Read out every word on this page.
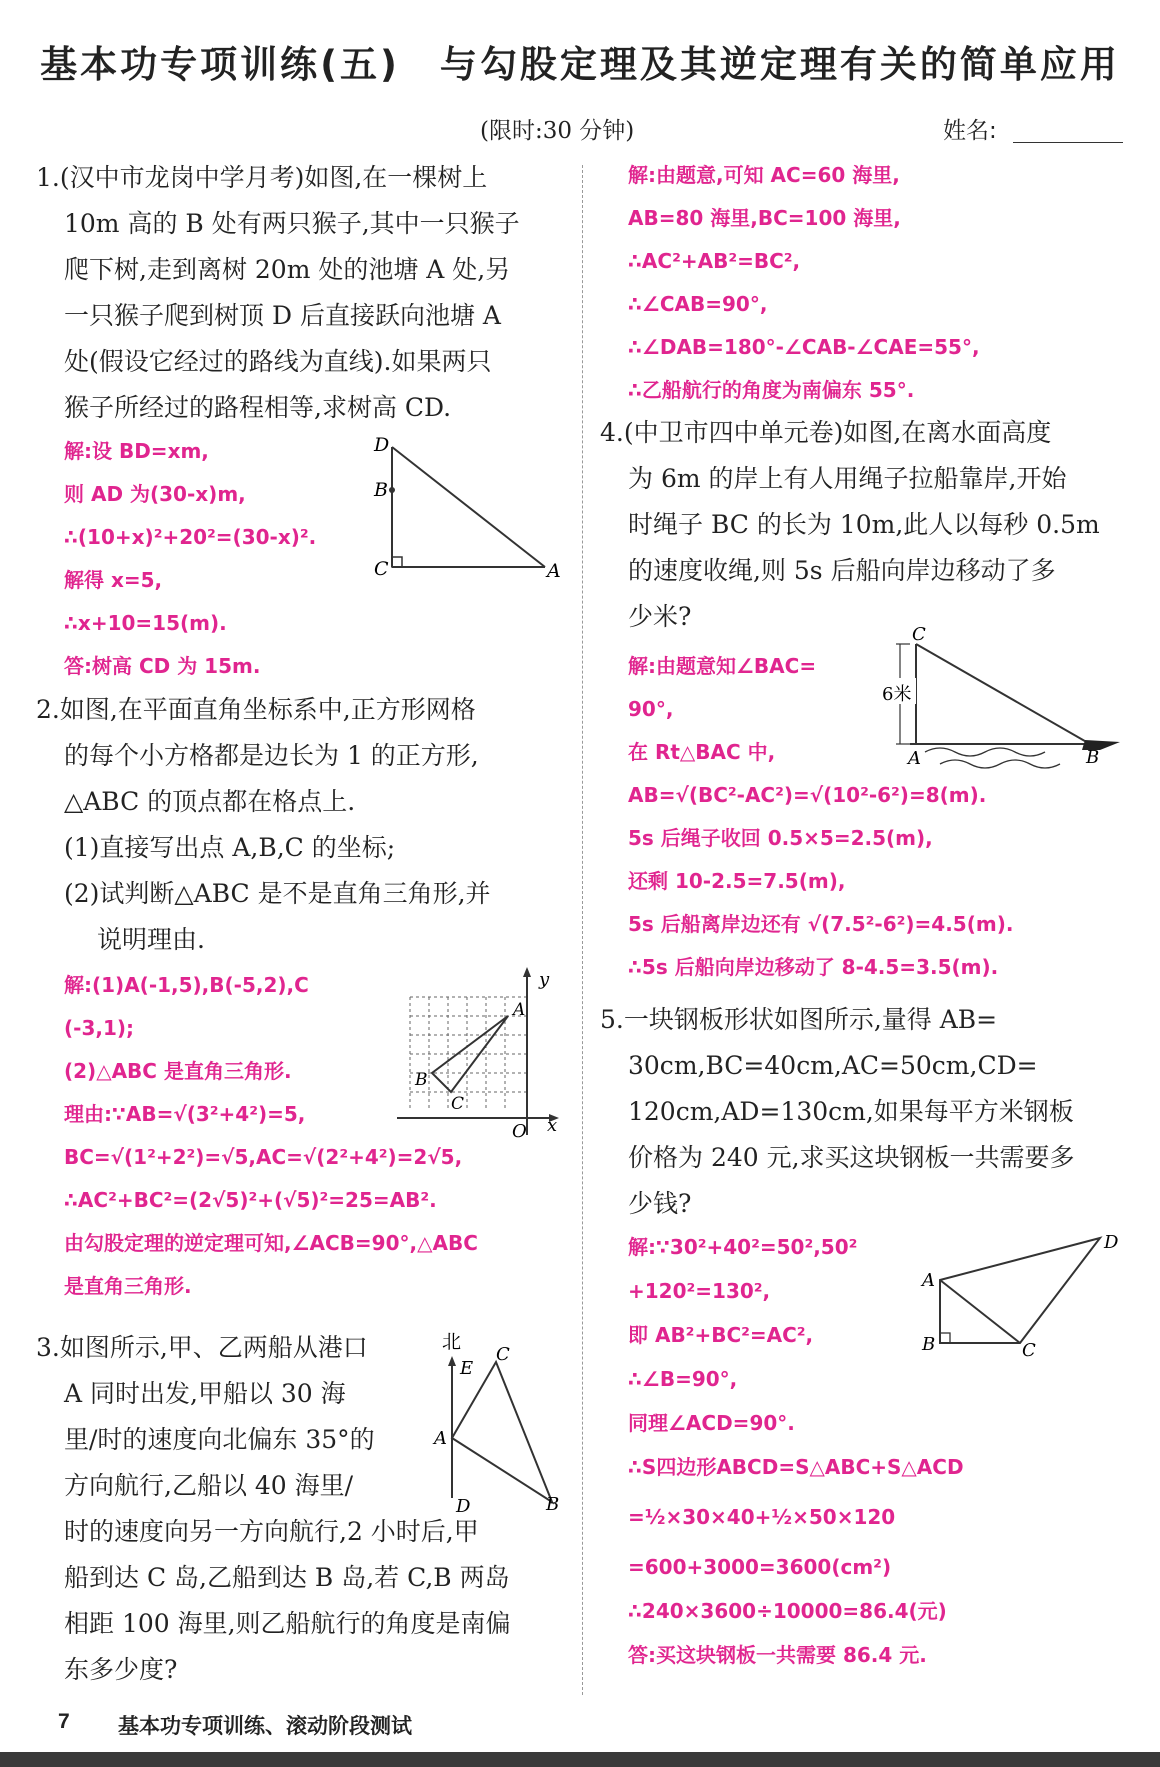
基本功专项训练(五)　与勾股定理及其逆定理有关的简单应用
(限时:30 分钟)	姓名:
1.(汉中市龙岗中学月考)如图,在一棵树上
10m 高的 B 处有两只猴子,其中一只猴子
爬下树,走到离树 20m 处的池塘 A 处,另
一只猴子爬到树顶 D 后直接跃向池塘 A
处(假设它经过的路线为直线).如果两只
猴子所经过的路程相等,求树高 CD.
解:设 BD=xm,
则 AD 为(30-x)m,
∴(10+x)²+20²=(30-x)².
解得 x=5,
∴x+10=15(m).
答:树高 CD 为 15m.
D
B
C	A
2.如图,在平面直角坐标系中,正方形网格
的每个小方格都是边长为 1 的正方形,
△ABC 的顶点都在格点上.
(1)直接写出点 A,B,C 的坐标;
(2)试判断△ABC 是不是直角三角形,并
　 说明理由.
解:(1)A(-1,5),B(-5,2),C
(-3,1);
(2)△ABC 是直角三角形.
理由:∵AB=√(3²+4²)=5,
BC=√(1²+2²)=√5,AC=√(2²+4²)=2√5,
∴AC²+BC²=(2√5)²+(√5)²=25=AB².
由勾股定理的逆定理可知,∠ACB=90°,△ABC
是直角三角形.
y
x
O
A
B
C
3.如图所示,甲、乙两船从港口
A 同时出发,甲船以 30 海
里/时的速度向北偏东 35°的
方向航行,乙船以 40 海里/
时的速度向另一方向航行,2 小时后,甲
船到达 C 岛,乙船到达 B 岛,若 C,B 两岛
相距 100 海里,则乙船航行的角度是南偏
东多少度?
北
E
C
A
D	B
解:由题意,可知 AC=60 海里,
AB=80 海里,BC=100 海里,
∴AC²+AB²=BC²,
∴∠CAB=90°,
∴∠DAB=180°-∠CAB-∠CAE=55°,
∴乙船航行的角度为南偏东 55°.
4.(中卫市四中单元卷)如图,在离水面高度
为 6m 的岸上有人用绳子拉船靠岸,开始
时绳子 BC 的长为 10m,此人以每秒 0.5m
的速度收绳,则 5s 后船向岸边移动了多
少米?
解:由题意知∠BAC=
90°,
在 Rt△BAC 中,
AB=√(BC²-AC²)=√(10²-6²)=8(m).
5s 后绳子收回 0.5×5=2.5(m),
还剩 10-2.5=7.5(m),
5s 后船离岸边还有 √(7.5²-6²)=4.5(m).
∴5s 后船向岸边移动了 8-4.5=3.5(m).
C
6米
A	B
5.一块钢板形状如图所示,量得 AB=
30cm,BC=40cm,AC=50cm,CD=
120cm,AD=130cm,如果每平方米钢板
价格为 240 元,求买这块钢板一共需要多
少钱?
解:∵30²+40²=50²,50²
+120²=130²,
即 AB²+BC²=AC²,
∴∠B=90°,
同理∠ACD=90°.
∴S四边形ABCD=S△ABC+S△ACD
=½×30×40+½×50×120
=600+3000=3600(cm²)
∴240×3600÷10000=86.4(元)
答:买这块钢板一共需要 86.4 元.
D
A
B	C
7 基本功专项训练、滚动阶段测试
